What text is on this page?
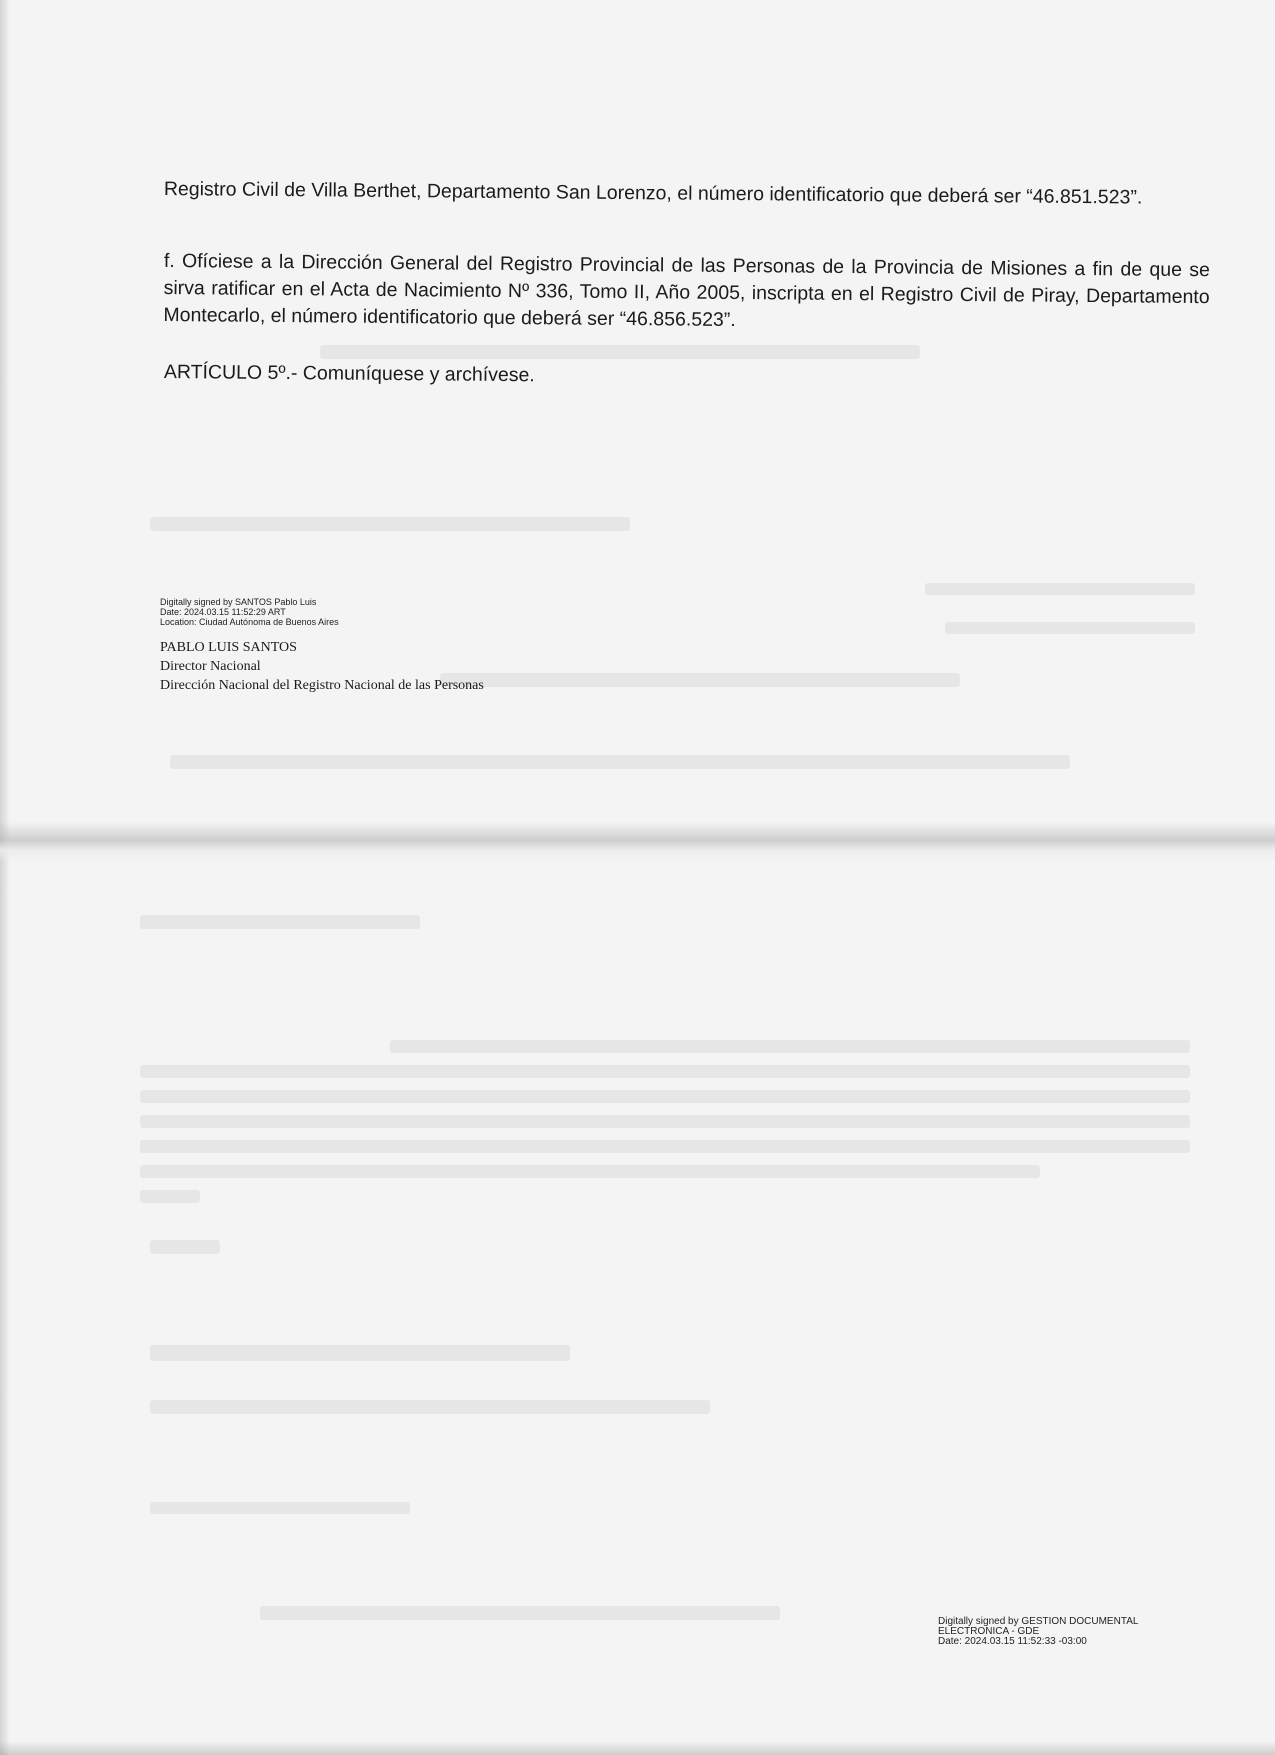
Registro Civil de Villa Berthet, Departamento San Lorenzo, el número identificatorio que deberá ser “46.851.523”.
f. Ofíciese a la Dirección General del Registro Provincial de las Personas de la Provincia de Misiones a fin de que se sirva ratificar en el Acta de Nacimiento Nº 336, Tomo II, Año 2005, inscripta en el Registro Civil de Piray, Departamento Montecarlo, el número identificatorio que deberá ser “46.856.523”.
ARTÍCULO 5º.- Comuníquese y archívese.
Digitally signed by SANTOS Pablo Luis
Date: 2024.03.15 11:52:29 ART
Location: Ciudad Autónoma de Buenos Aires
PABLO LUIS SANTOS
Director Nacional
Dirección Nacional del Registro Nacional de las Personas
Digitally signed by GESTION DOCUMENTAL
ELECTRONICA - GDE
Date: 2024.03.15 11:52:33 -03:00
